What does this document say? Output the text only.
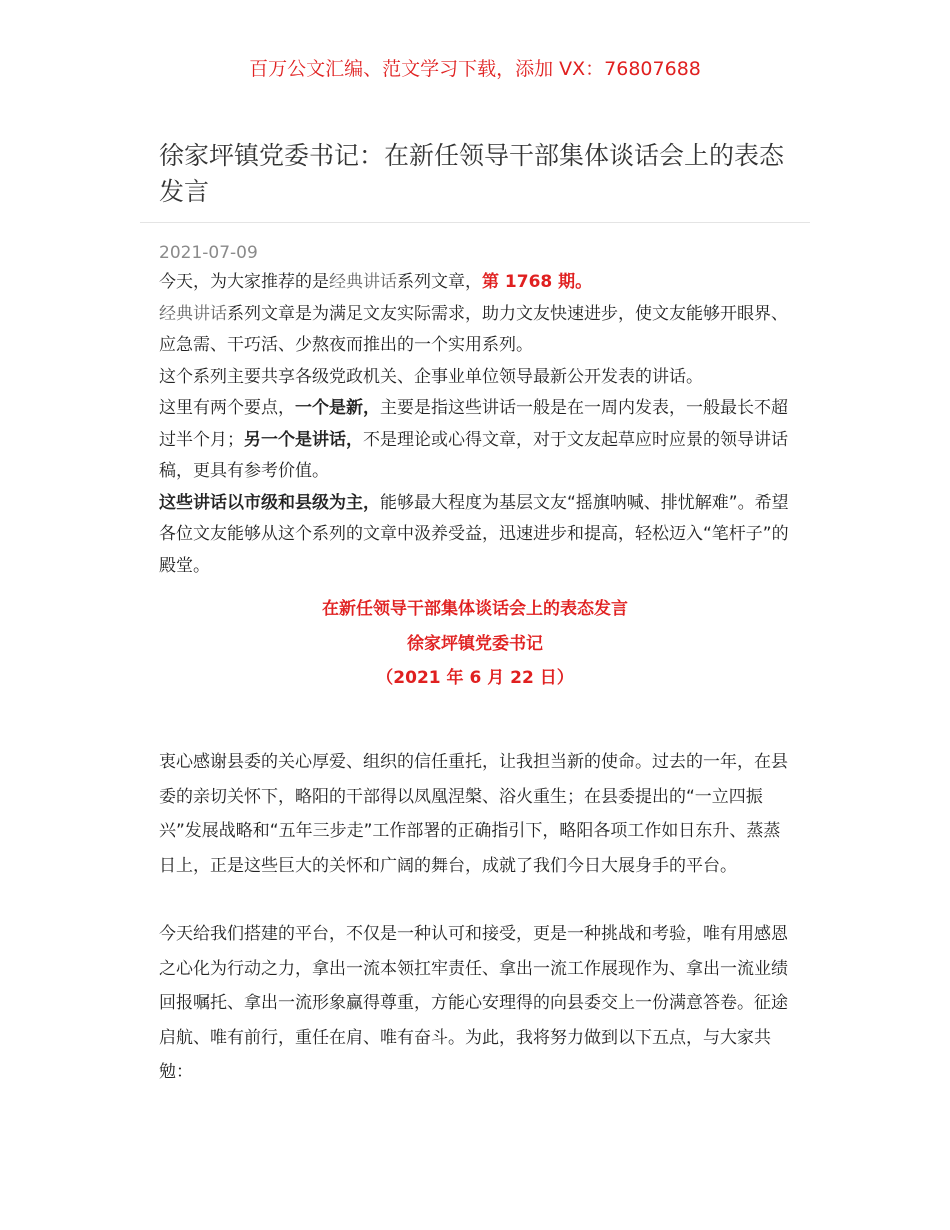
百万公文汇编、范文学习下载，添加 VX：76807688
徐家坪镇党委书记：在新任领导干部集体谈话会上的表态发言
2021-07-09

今天，为大家推荐的是经典讲话系列文章，第 1768 期。

经典讲话系列文章是为满足文友实际需求，助力文友快速进步，使文友能够开眼界、应急需、干巧活、少熬夜而推出的一个实用系列。

这个系列主要共享各级党政机关、企事业单位领导最新公开发表的讲话。

这里有两个要点，一个是新，主要是指这些讲话一般是在一周内发表，一般最长不超过半个月；另一个是讲话，不是理论或心得文章，对于文友起草应时应景的领导讲话稿，更具有参考价值。

这些讲话以市级和县级为主，能够最大程度为基层文友“摇旗呐喊、排忧解难”。希望各位文友能够从这个系列的文章中汲养受益，迅速进步和提高，轻松迈入“笔杆子”的殿堂。

在新任领导干部集体谈话会上的表态发言
徐家坪镇党委书记
（2021 年 6 月 22 日）

衷心感谢县委的关心厚爱、组织的信任重托，让我担当新的使命。过去的一年，在县委的亲切关怀下，略阳的干部得以凤凰涅槃、浴火重生；在县委提出的“一立四振兴”发展战略和“五年三步走”工作部署的正确指引下，略阳各项工作如日东升、蒸蒸日上，正是这些巨大的关怀和广阔的舞台，成就了我们今日大展身手的平台。

今天给我们搭建的平台，不仅是一种认可和接受，更是一种挑战和考验，唯有用感恩之心化为行动之力，拿出一流本领扛牢责任、拿出一流工作展现作为、拿出一流业绩回报嘱托、拿出一流形象赢得尊重，方能心安理得的向县委交上一份满意答卷。征途启航、唯有前行，重任在肩、唯有奋斗。为此，我将努力做到以下五点，与大家共勉：
